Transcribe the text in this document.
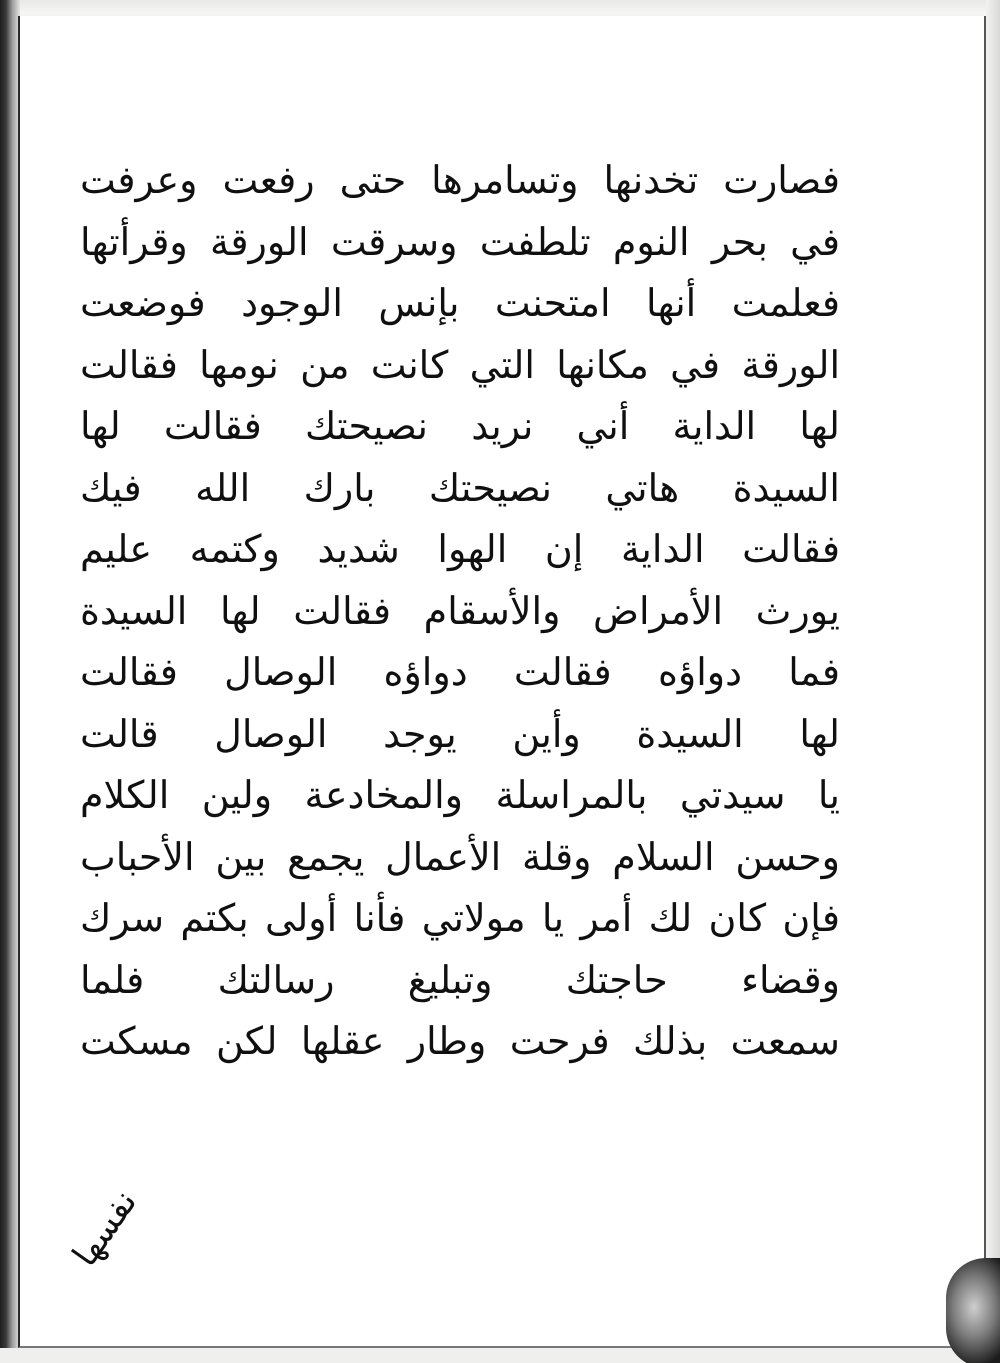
فصارت تخدنها وتسامرها حتى رفعت وعرفت
في بحر النوم تلطفت وسرقت الورقة وقرأتها
فعلمت أنها امتحنت بإنس الوجود فوضعت
الورقة في مكانها التي كانت من نومها فقالت
لها الداية أني نريد نصيحتك فقالت لها
السيدة هاتي نصيحتك بارك الله فيك
فقالت الداية إن الهوا شديد وكتمه عليم
يورث الأمراض والأسقام فقالت لها السيدة
فما دواؤه فقالت دواؤه الوصال فقالت
لها السيدة وأين يوجد الوصال قالت
يا سيدتي بالمراسلة والمخادعة ولين الكلام
وحسن السلام وقلة الأعمال يجمع بين الأحباب
فإن كان لك أمر يا مولاتي فأنا أولى بكتم سرك
وقضاء حاجتك وتبليغ رسالتك فلما
سمعت بذلك فرحت وطار عقلها لكن مسكت
نفسها
